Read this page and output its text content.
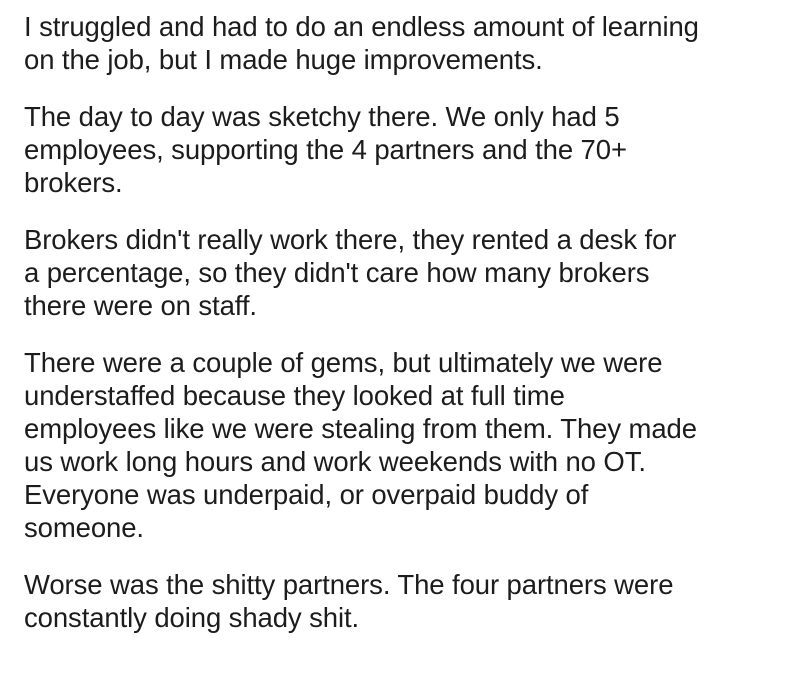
I struggled and had to do an endless amount of learning
on the job, but I made huge improvements.

The day to day was sketchy there. We only had 5
employees, supporting the 4 partners and the 70+
brokers.

Brokers didn't really work there, they rented a desk for
a percentage, so they didn't care how many brokers
there were on staff.

There were a couple of gems, but ultimately we were
understaffed because they looked at full time
employees like we were stealing from them. They made
us work long hours and work weekends with no OT.
Everyone was underpaid, or overpaid buddy of
someone.

Worse was the shitty partners. The four partners were
constantly doing shady shit.
